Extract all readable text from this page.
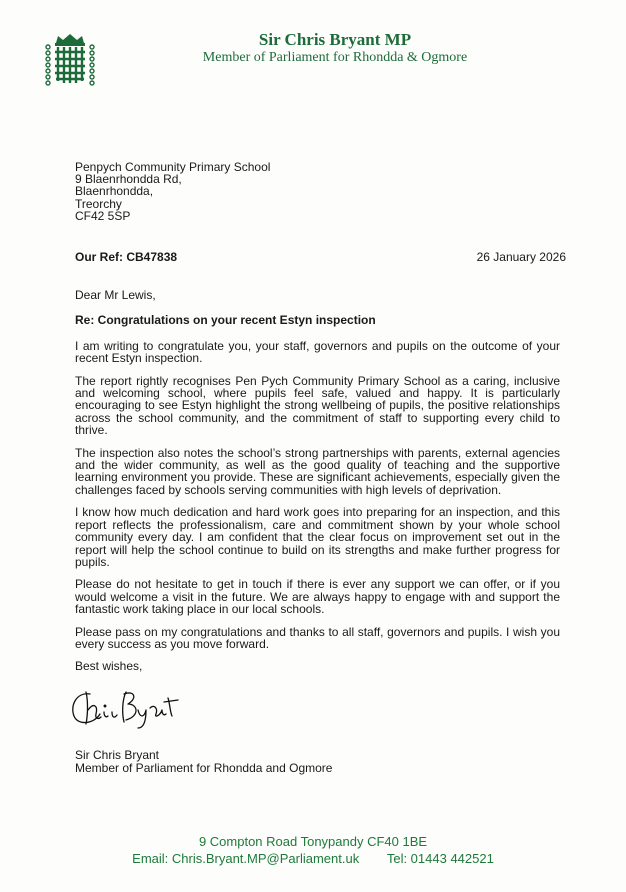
Sir Chris Bryant MP
Member of Parliament for Rhondda & Ogmore
Penpych Community Primary School
9 Blaenrhondda Rd,
Blaenrhondda,
Treorchy
CF42 5SP
Our Ref: CB47838	26 January 2026

Dear Mr Lewis,

Re: Congratulations on your recent Estyn inspection

I am writing to congratulate you, your staff, governors and pupils on the outcome of your recent Estyn inspection.

The report rightly recognises Pen Pych Community Primary School as a caring, inclusive and welcoming school, where pupils feel safe, valued and happy. It is particularly encouraging to see Estyn highlight the strong wellbeing of pupils, the positive relationships across the school community, and the commitment of staff to supporting every child to thrive.

The inspection also notes the school’s strong partnerships with parents, external agencies and the wider community, as well as the good quality of teaching and the supportive learning environment you provide. These are significant achievements, especially given the challenges faced by schools serving communities with high levels of deprivation.

I know how much dedication and hard work goes into preparing for an inspection, and this report reflects the professionalism, care and commitment shown by your whole school community every day. I am confident that the clear focus on improvement set out in the report will help the school continue to build on its strengths and make further progress for pupils.

Please do not hesitate to get in touch if there is ever any support we can offer, or if you would welcome a visit in the future. We are always happy to engage with and support the fantastic work taking place in our local schools.

Please pass on my congratulations and thanks to all staff, governors and pupils. I wish you every success as you move forward.

Best wishes,

Sir Chris Bryant
Member of Parliament for Rhondda and Ogmore
9 Compton Road Tonypandy CF40 1BE
Email: Chris.Bryant.MP@Parliament.uk Tel: 01443 442521
